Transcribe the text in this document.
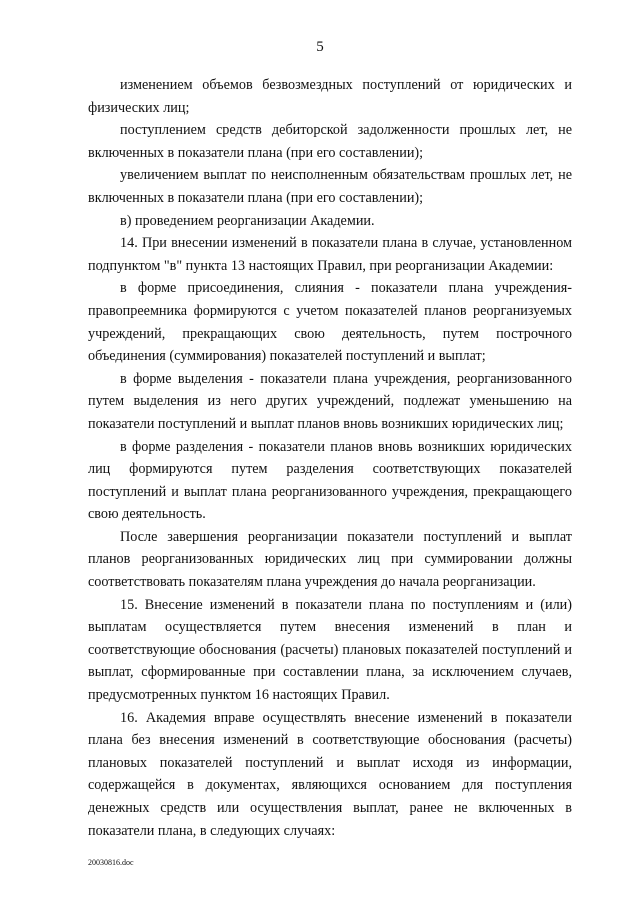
5

изменением объемов безвозмездных поступлений от юридических и физических лиц;

поступлением средств дебиторской задолженности прошлых лет, не включенных в показатели плана (при его составлении);

увеличением выплат по неисполненным обязательствам прошлых лет, не включенных в показатели плана (при его составлении);

в) проведением реорганизации Академии.

14. При внесении изменений в показатели плана в случае, установленном подпунктом "в" пункта 13 настоящих Правил, при реорганизации Академии:

в форме присоединения, слияния - показатели плана учреждения-правопреемника формируются с учетом показателей планов реорганизуемых учреждений, прекращающих свою деятельность, путем построчного объединения (суммирования) показателей поступлений и выплат;

в форме выделения - показатели плана учреждения, реорганизованного путем выделения из него других учреждений, подлежат уменьшению на показатели поступлений и выплат планов вновь возникших юридических лиц;

в форме разделения - показатели планов вновь возникших юридических лиц формируются путем разделения соответствующих показателей поступлений и выплат плана реорганизованного учреждения, прекращающего свою деятельность.

После завершения реорганизации показатели поступлений и выплат планов реорганизованных юридических лиц при суммировании должны соответствовать показателям плана учреждения до начала реорганизации.

15. Внесение изменений в показатели плана по поступлениям и (или) выплатам осуществляется путем внесения изменений в план и соответствующие обоснования (расчеты) плановых показателей поступлений и выплат, сформированные при составлении плана, за исключением случаев, предусмотренных пунктом 16 настоящих Правил.

16. Академия вправе осуществлять внесение изменений в показатели плана без внесения изменений в соответствующие обоснования (расчеты) плановых показателей поступлений и выплат исходя из информации, содержащейся в документах, являющихся основанием для поступления денежных средств или осуществления выплат, ранее не включенных в показатели плана, в следующих случаях:

20030816.doc
